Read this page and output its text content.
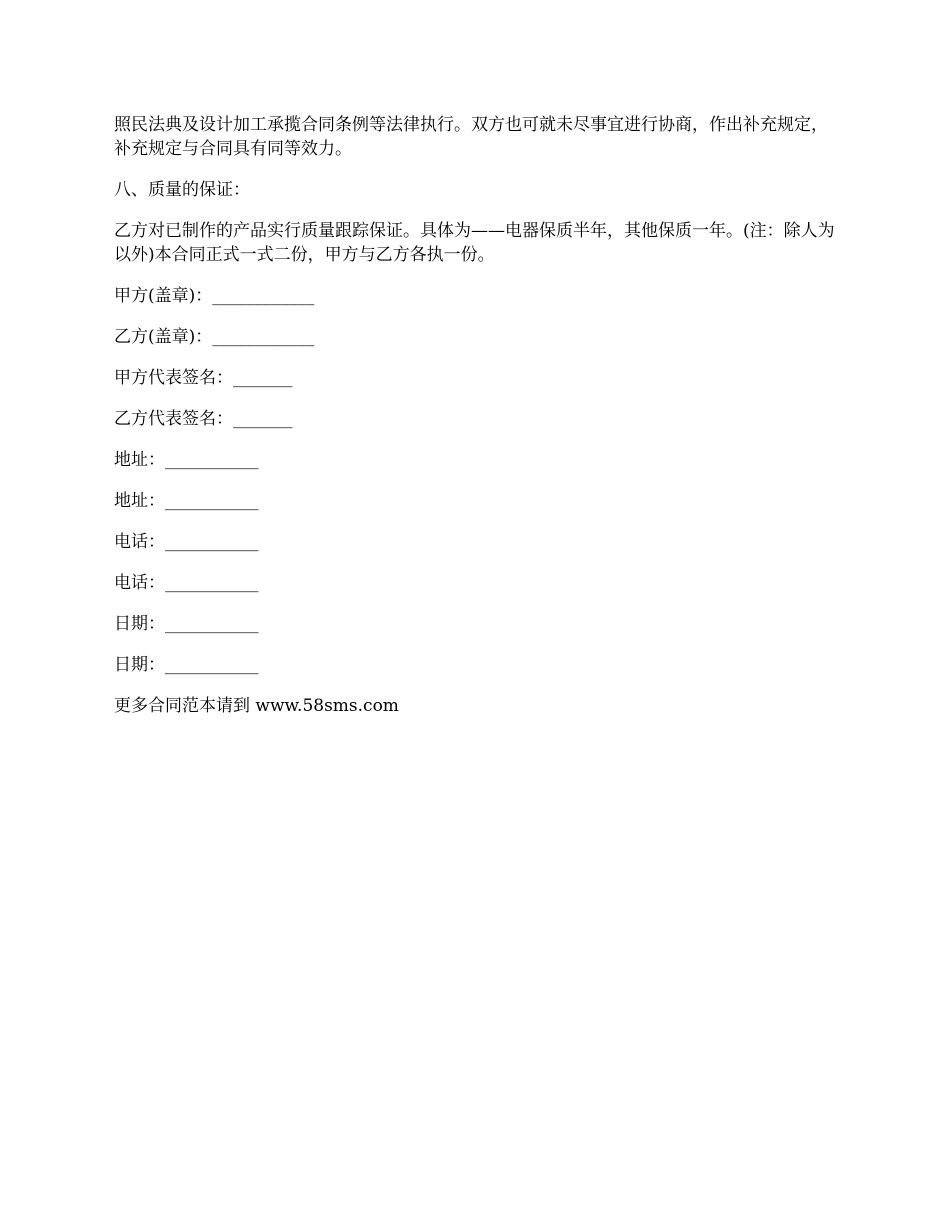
照民法典及设计加工承揽合同条例等法律执行。双方也可就未尽事宜进行协商，作出补充规定，补充规定与合同具有同等效力。

八、质量的保证：

乙方对已制作的产品实行质量跟踪保证。具体为——电器保质半年，其他保质一年。(注：除人为以外)本合同正式一式二份，甲方与乙方各执一份。

甲方(盖章)：____________

乙方(盖章)：____________

甲方代表签名：_______

乙方代表签名：_______

地址：___________

地址：___________

电话：___________

电话：___________

日期：___________

日期：___________

更多合同范本请到 www.58sms.com
